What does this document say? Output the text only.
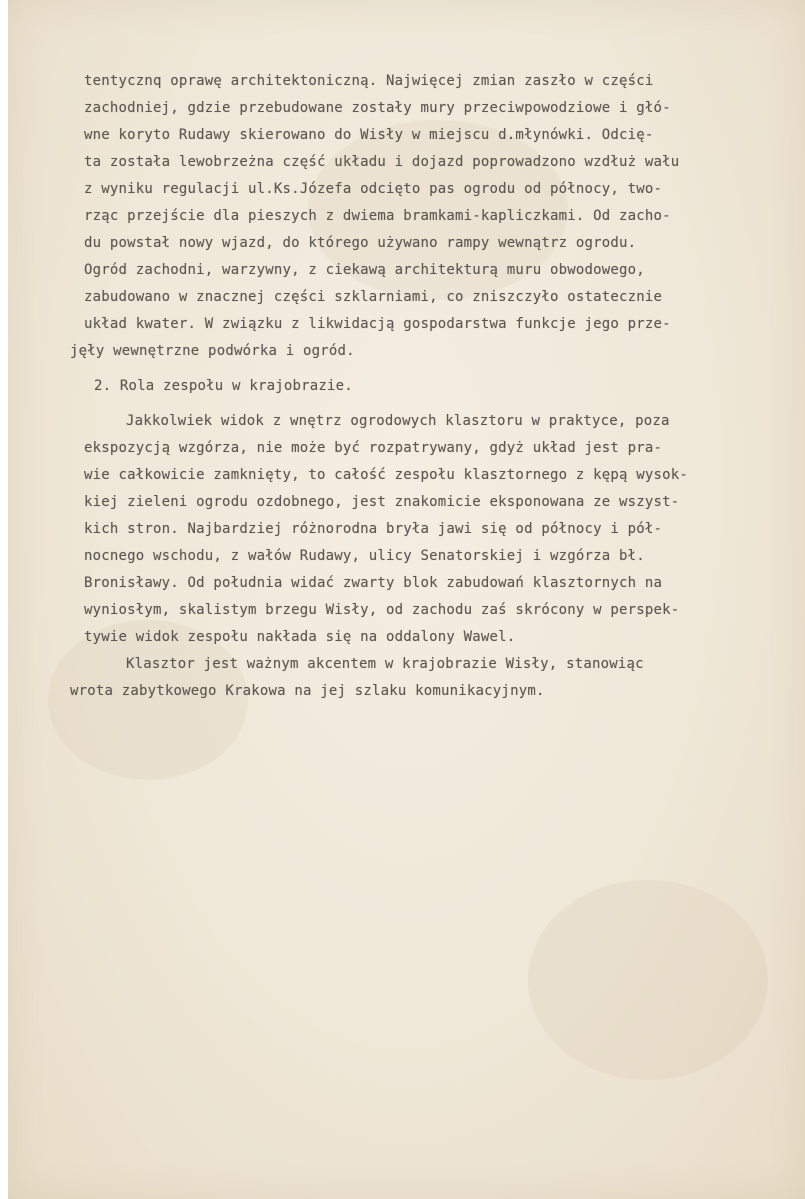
tentycznq oprawę architektoniczną. Najwięcej zmian zaszło w części
zachodniej, gdzie przebudowane zostały mury przeciwpowodziowe i głó-
wne koryto Rudawy skierowano do Wisły w miejscu d.młynówki. Odcię-
ta została lewobrzeżna część układu i dojazd poprowadzono wzdłuż wału
z wyniku regulacji ul.Ks.Józefa odcięto pas ogrodu od północy, two-
rząc przejście dla pieszych z dwiema bramkami-kapliczkami. Od zacho-
du powstał nowy wjazd, do którego używano rampy wewnątrz ogrodu.
Ogród zachodni, warzywny, z ciekawą architekturą muru obwodowego,
zabudowano w znacznej części szklarniami, co zniszczyło ostatecznie
układ kwater. W związku z likwidacją gospodarstwa funkcje jego prze-
jęły wewnętrzne podwórka i ogród.
2. Rola zespołu w krajobrazie.
Jakkolwiek widok z wnętrz ogrodowych klasztoru w praktyce, poza
ekspozycją wzgórza, nie może być rozpatrywany, gdyż układ jest pra-
wie całkowicie zamknięty, to całość zespołu klasztornego z kępą wysok-
kiej zieleni ogrodu ozdobnego, jest znakomicie eksponowana ze wszyst-
kich stron. Najbardziej różnorodna bryła jawi się od północy i pół-
nocnego wschodu, z wałów Rudawy, ulicy Senatorskiej i wzgórza bł.
Bronisławy. Od południa widać zwarty blok zabudowań klasztornych na
wyniosłym, skalistym brzegu Wisły, od zachodu zaś skrócony w perspek-
tywie widok zespołu nakłada się na oddalony Wawel.
Klasztor jest ważnym akcentem w krajobrazie Wisły, stanowiąc
wrota zabytkowego Krakowa na jej szlaku komunikacyjnym.
